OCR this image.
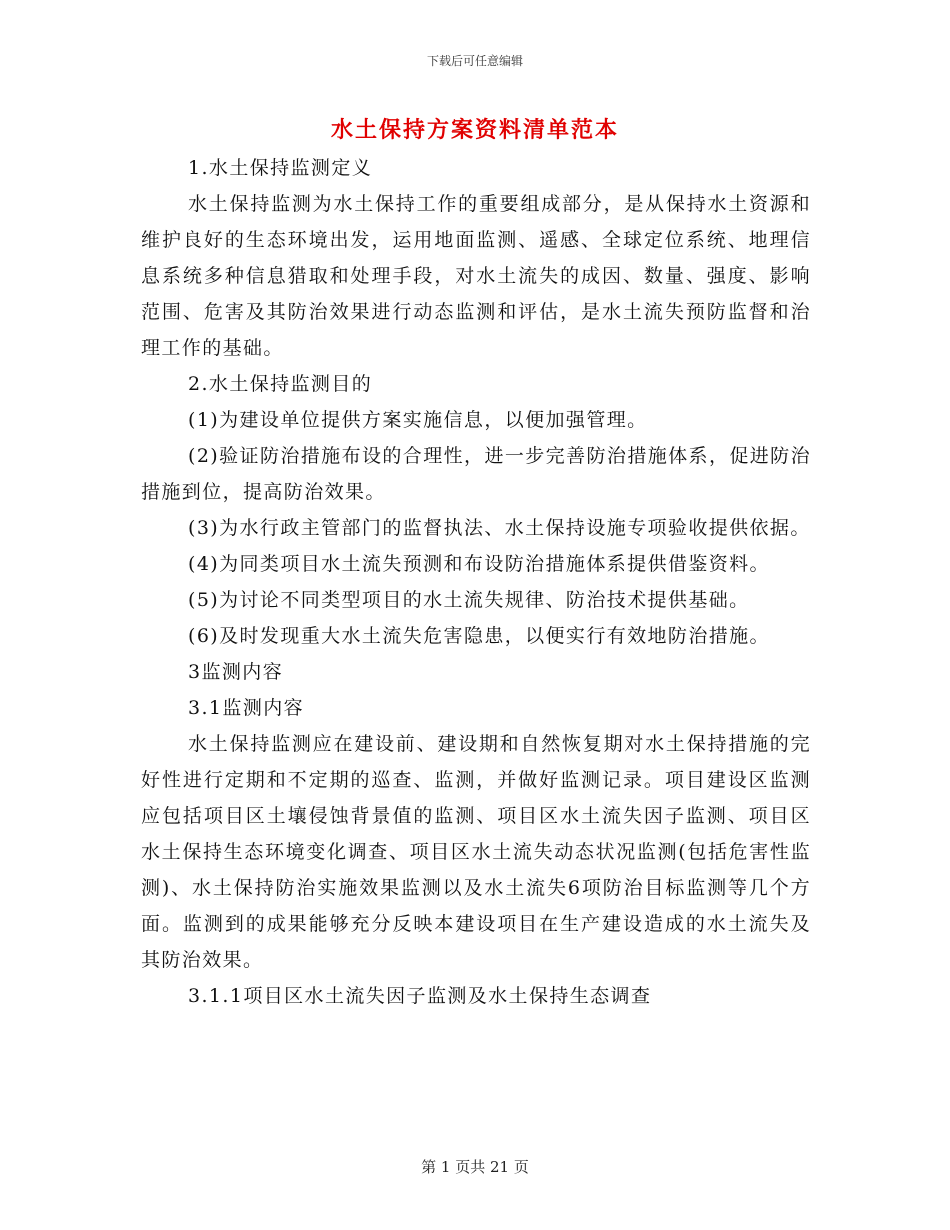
下载后可任意编辑
水土保持方案资料清单范本

1.水土保持监测定义

水土保持监测为水土保持工作的重要组成部分，是从保持水土资源和维护良好的生态环境出发，运用地面监测、遥感、全球定位系统、地理信息系统多种信息猎取和处理手段，对水土流失的成因、数量、强度、影响范围、危害及其防治效果进行动态监测和评估，是水土流失预防监督和治理工作的基础。

2.水土保持监测目的

(1)为建设单位提供方案实施信息，以便加强管理。

(2)验证防治措施布设的合理性，进一步完善防治措施体系，促进防治措施到位，提高防治效果。

(3)为水行政主管部门的监督执法、水土保持设施专项验收提供依据。

(4)为同类项目水土流失预测和布设防治措施体系提供借鉴资料。

(5)为讨论不同类型项目的水土流失规律、防治技术提供基础。

(6)及时发现重大水土流失危害隐患，以便实行有效地防治措施。

3监测内容

3.1监测内容

水土保持监测应在建设前、建设期和自然恢复期对水土保持措施的完好性进行定期和不定期的巡查、监测，并做好监测记录。项目建设区监测应包括项目区土壤侵蚀背景值的监测、项目区水土流失因子监测、项目区水土保持生态环境变化调查、项目区水土流失动态状况监测(包括危害性监测)、水土保持防治实施效果监测以及水土流失6项防治目标监测等几个方面。监测到的成果能够充分反映本建设项目在生产建设造成的水土流失及其防治效果。

3.1.1项目区水土流失因子监测及水土保持生态调查

第 1 页共 21 页
